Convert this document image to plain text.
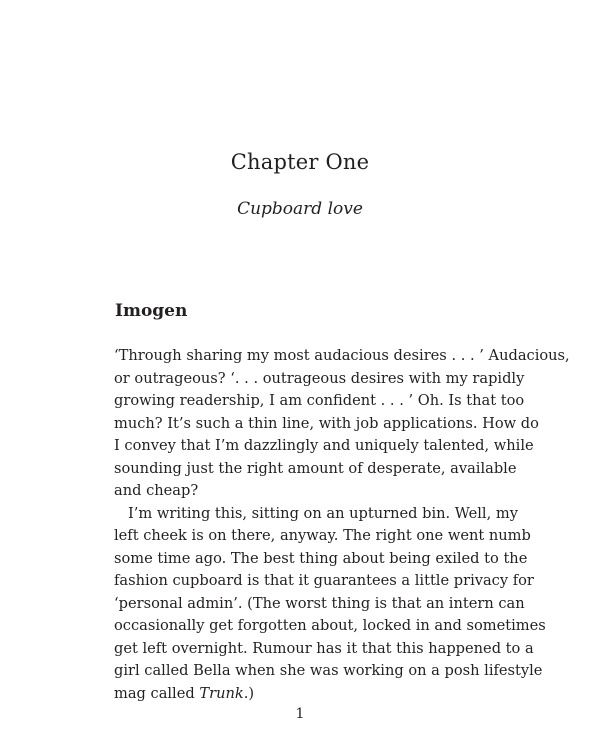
Chapter One
Cupboard love
Imogen
‘Through sharing my most audacious desires . . . ’ Audacious,
or outrageous? ‘. . . outrageous desires with my rapidly
growing readership, I am confident . . . ’ Oh. Is that too
much? It’s such a thin line, with job applications. How do
I convey that I’m dazzlingly and uniquely talented, while
sounding just the right amount of desperate, available
and cheap?
I’m writing this, sitting on an upturned bin. Well, my
left cheek is on there, anyway. The right one went numb
some time ago. The best thing about being exiled to the
fashion cupboard is that it guarantees a little privacy for
‘personal admin’. (The worst thing is that an intern can
occasionally get forgotten about, locked in and sometimes
get left overnight. Rumour has it that this happened to a
girl called Bella when she was working on a posh lifestyle
mag called Trunk.)
1
